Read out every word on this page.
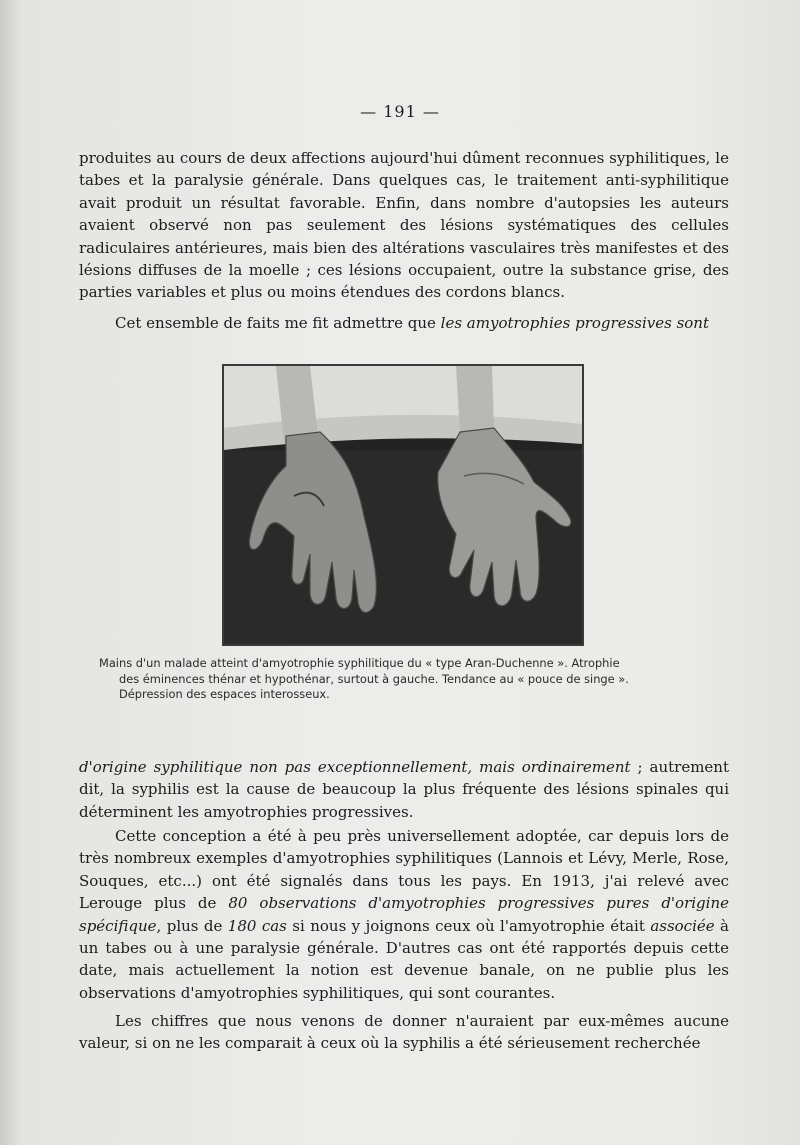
— 191 —

produites au cours de deux affections aujourd'hui dûment reconnues syphilitiques, le tabes et la paralysie générale. Dans quelques cas, le traitement anti-syphilitique avait produit un résultat favorable. Enfin, dans nombre d'autopsies les auteurs avaient observé non pas seulement des lésions systématiques des cellules radiculaires antérieures, mais bien des altérations vasculaires très manifestes et des lésions diffuses de la moelle ; ces lésions occupaient, outre la substance grise, des parties variables et plus ou moins étendues des cordons blancs.

Cet ensemble de faits me fit admettre que les amyotrophies progressives sont

Mains d'un malade atteint d'amyotrophie syphilitique du « type Aran-Duchenne ». Atrophie
des éminences thénar et hypothénar, surtout à gauche. Tendance au « pouce de singe ».
Dépression des espaces interosseux.

d'origine syphilitique non pas exceptionnellement, mais ordinairement ; autrement dit, la syphilis est la cause de beaucoup la plus fréquente des lésions spinales qui déterminent les amyotrophies progressives.

Cette conception a été à peu près universellement adoptée, car depuis lors de très nombreux exemples d'amyotrophies syphilitiques (Lannois et Lévy, Merle, Rose, Souques, etc...) ont été signalés dans tous les pays. En 1913, j'ai relevé avec Lerouge plus de 80 observations d'amyotrophies progressives pures d'origine spécifique, plus de 180 cas si nous y joignons ceux où l'amyotrophie était associée à un tabes ou à une paralysie générale. D'autres cas ont été rapportés depuis cette date, mais actuellement la notion est devenue banale, on ne publie plus les observations d'amyotrophies syphilitiques, qui sont courantes.

Les chiffres que nous venons de donner n'auraient par eux-mêmes aucune valeur, si on ne les comparait à ceux où la syphilis a été sérieusement recherchée
